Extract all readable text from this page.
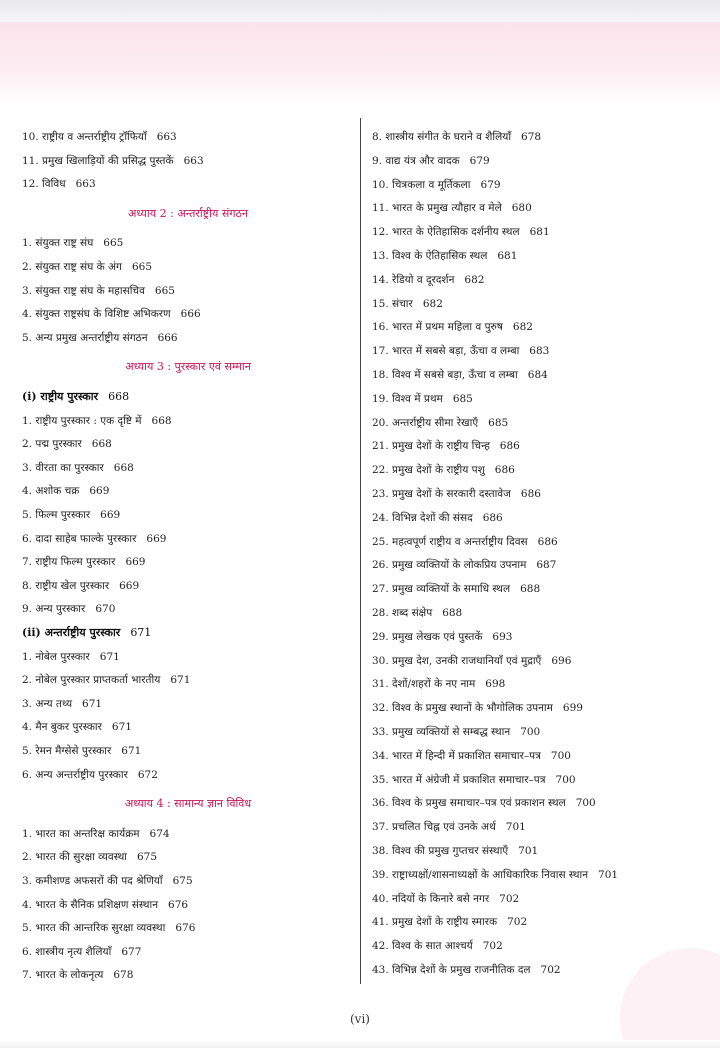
10. राष्ट्रीय व अन्तर्राष्ट्रीय ट्रॉफियाँ 663
11. प्रमुख खिलाड़ियों की प्रसिद्ध पुस्तकें 663
12. विविध 663
अध्याय 2 : अन्तर्राष्ट्रीय संगठन
1. संयुक्त राष्ट्र संघ 665
2. संयुक्त राष्ट्र संघ के अंग 665
3. संयुक्त राष्ट्र संघ के महासचिव 665
4. संयुक्त राष्ट्रसंघ के विशिष्ट अभिकरण 666
5. अन्य प्रमुख अन्तर्राष्ट्रीय संगठन 666
अध्याय 3 : पुरस्कार एवं सम्मान
(i) राष्ट्रीय पुरस्कार 668
1. राष्ट्रीय पुरस्कार : एक दृष्टि में 668
2. पद्म पुरस्कार 668
3. वीरता का पुरस्कार 668
4. अशोक चक्र 669
5. फिल्म पुरस्कार 669
6. दादा साहेब फाल्के पुरस्कार 669
7. राष्ट्रीय फिल्म पुरस्कार 669
8. राष्ट्रीय खेल पुरस्कार 669
9. अन्य पुरस्कार 670
(ii) अन्तर्राष्ट्रीय पुरस्कार 671
1. नोबेल पुरस्कार 671
2. नोबेल पुरस्कार प्राप्तकर्ता भारतीय 671
3. अन्य तथ्य 671
4. मैन बुकर पुरस्कार 671
5. रेमन मैग्सेसे पुरस्कार 671
6. अन्य अन्तर्राष्ट्रीय पुरस्कार 672
अध्याय 4 : सामान्य ज्ञान विविध
1. भारत का अन्तरिक्ष कार्यक्रम 674
2. भारत की सुरक्षा व्यवस्था 675
3. कमीशण्ड अफसरों की पद श्रेणियाँ 675
4. भारत के सैनिक प्रशिक्षण संस्थान 676
5. भारत की आन्तरिक सुरक्षा व्यवस्था 676
6. शास्त्रीय नृत्य शैलियाँ 677
7. भारत के लोकनृत्य 678
8. शास्त्रीय संगीत के घराने व शैलियाँ 678
9. वाद्य यंत्र और वादक 679
10. चित्रकला व मूर्तिकला 679
11. भारत के प्रमुख त्यौहार व मेले 680
12. भारत के ऐतिहासिक दर्शनीय स्थल 681
13. विश्व के ऐतिहासिक स्थल 681
14. रेडियो व दूरदर्शन 682
15. संचार 682
16. भारत में प्रथम महिला व पुरुष 682
17. भारत में सबसे बड़ा, ऊँचा व लम्बा 683
18. विश्व में सबसे बड़ा, ऊँचा व लम्बा 684
19. विश्व में प्रथम 685
20. अन्तर्राष्ट्रीय सीमा रेखाएँ 685
21. प्रमुख देशों के राष्ट्रीय चिन्ह 686
22. प्रमुख देशों के राष्ट्रीय पशु 686
23. प्रमुख देशों के सरकारी दस्तावेज 686
24. विभिन्न देशों की संसद 686
25. महत्वपूर्ण राष्ट्रीय व अन्तर्राष्ट्रीय दिवस 686
26. प्रमुख व्यक्तियों के लोकप्रिय उपनाम 687
27. प्रमुख व्यक्तियों के समाधि स्थल 688
28. शब्द संक्षेप 688
29. प्रमुख लेखक एवं पुस्तकें 693
30. प्रमुख देश, उनकी राजधानियाँ एवं मुद्राएँ 696
31. देशों/शहरों के नए नाम 698
32. विश्व के प्रमुख स्थानों के भौगोलिक उपनाम 699
33. प्रमुख व्यक्तियों से सम्बद्ध स्थान 700
34. भारत में हिन्दी में प्रकाशित समाचार–पत्र 700
35. भारत में अंग्रेजी में प्रकाशित समाचार–पत्र 700
36. विश्व के प्रमुख समाचार–पत्र एवं प्रकाशन स्थल 700
37. प्रचलित चिह्न एवं उनके अर्थ 701
38. विश्व की प्रमुख गुप्तचर संस्थाएँ 701
39. राष्ट्राध्यक्षों/शासनाध्यक्षों के आधिकारिक निवास स्थान 701
40. नदियों के किनारे बसे नगर 702
41. प्रमुख देशों के राष्ट्रीय स्मारक 702
42. विश्व के सात आश्चर्य 702
43. विभिन्न देशों के प्रमुख राजनीतिक दल 702
(vi)
